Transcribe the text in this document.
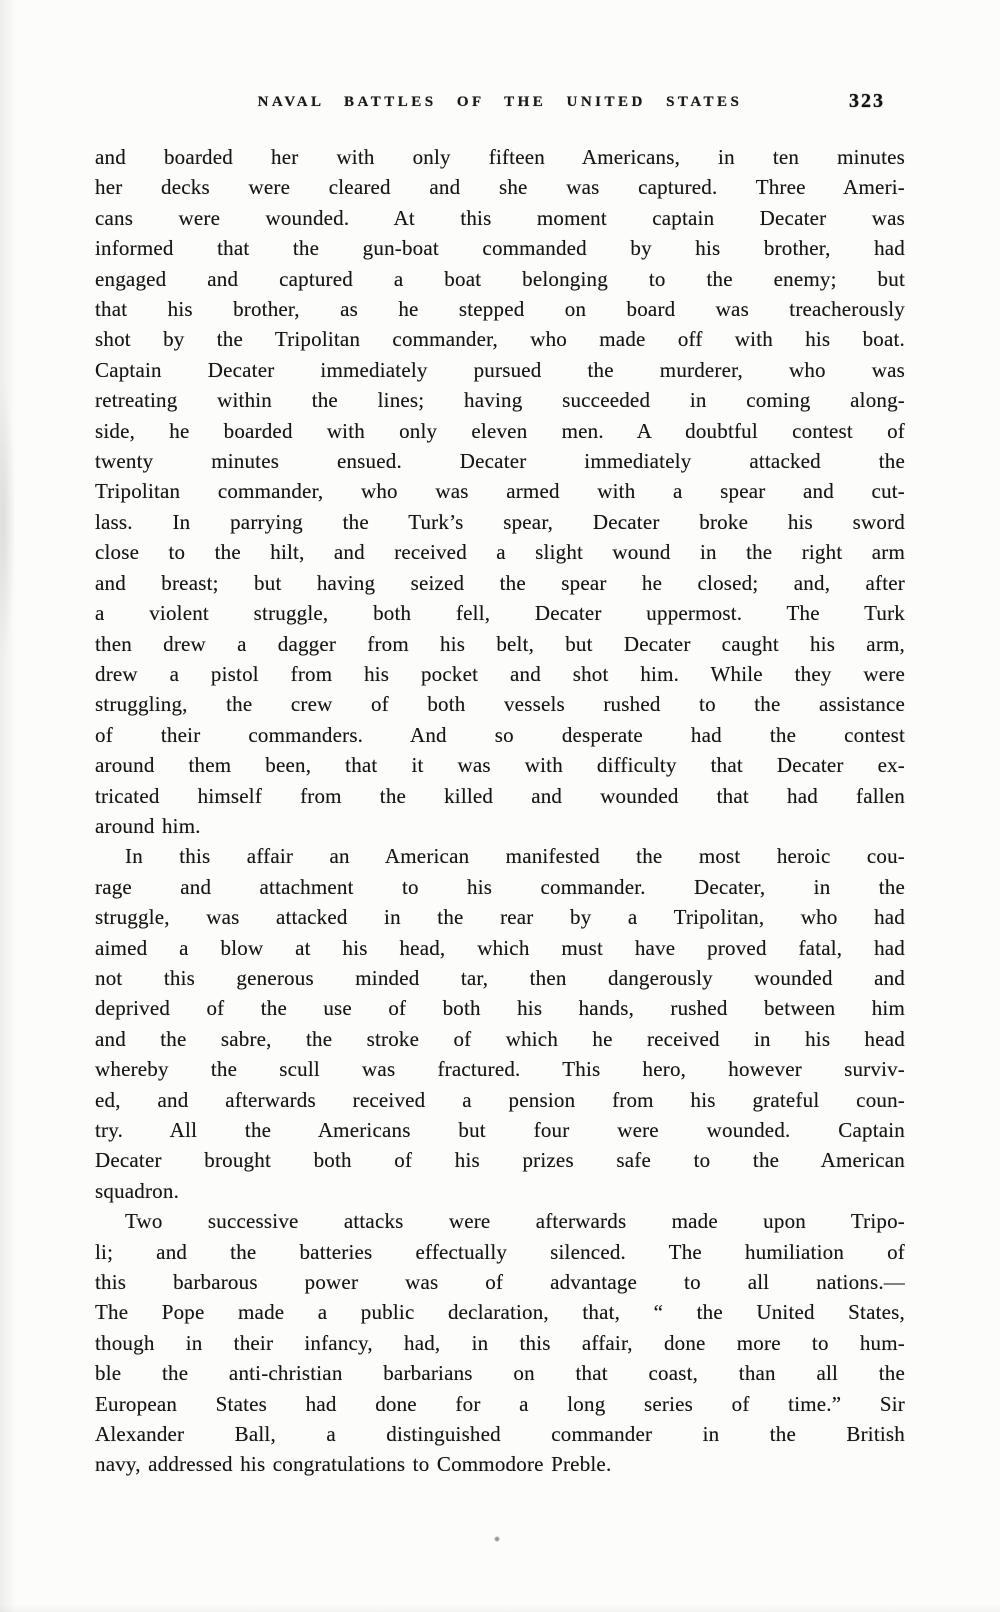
NAVAL BATTLES OF THE UNITED STATES	323
and boarded her with only fifteen Americans, in ten minutes
her decks were cleared and she was captured. Three Ameri-
cans were wounded. At this moment captain Decater was
informed that the gun-boat commanded by his brother, had
engaged and captured a boat belonging to the enemy; but
that his brother, as he stepped on board was treacherously
shot by the Tripolitan commander, who made off with his boat.
Captain Decater immediately pursued the murderer, who was
retreating within the lines; having succeeded in coming along-
side, he boarded with only eleven men. A doubtful contest of
twenty minutes ensued. Decater immediately attacked the
Tripolitan commander, who was armed with a spear and cut-
lass. In parrying the Turk’s spear, Decater broke his sword
close to the hilt, and received a slight wound in the right arm
and breast; but having seized the spear he closed; and, after
a violent struggle, both fell, Decater uppermost. The Turk
then drew a dagger from his belt, but Decater caught his arm,
drew a pistol from his pocket and shot him. While they were
struggling, the crew of both vessels rushed to the assistance
of their commanders. And so desperate had the contest
around them been, that it was with difficulty that Decater ex-
tricated himself from the killed and wounded that had fallen
around him.
In this affair an American manifested the most heroic cou-
rage and attachment to his commander. Decater, in the
struggle, was attacked in the rear by a Tripolitan, who had
aimed a blow at his head, which must have proved fatal, had
not this generous minded tar, then dangerously wounded and
deprived of the use of both his hands, rushed between him
and the sabre, the stroke of which he received in his head
whereby the scull was fractured. This hero, however surviv-
ed, and afterwards received a pension from his grateful coun-
try. All the Americans but four were wounded. Captain
Decater brought both of his prizes safe to the American
squadron.
Two successive attacks were afterwards made upon Tripo-
li; and the batteries effectually silenced. The humiliation of
this barbarous power was of advantage to all nations.—
The Pope made a public declaration, that, “ the United States,
though in their infancy, had, in this affair, done more to hum-
ble the anti-christian barbarians on that coast, than all the
European States had done for a long series of time.” Sir
Alexander Ball, a distinguished commander in the British
navy, addressed his congratulations to Commodore Preble.
